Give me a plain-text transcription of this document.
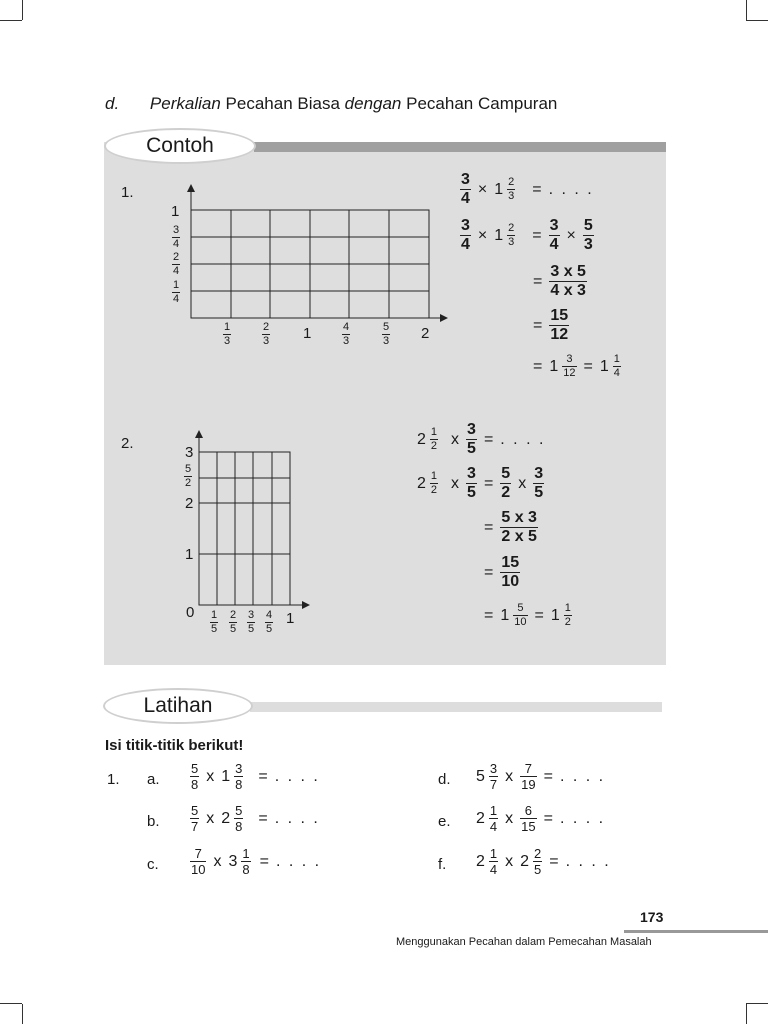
d. Perkalian Pecahan Biasa dengan Pecahan Campuran
Contoh
1.
1
$\frac{3}{4}$
$\frac{2}{4}$
$\frac{1}{4}$
$\frac{1}{3}$	$\frac{2}{3} 1$	$\frac{4}{3}$	$\frac{5}{3} 2$
$\frac{3}{4} \times 1 \frac{2}{3}$ = . . . .
$\frac{3}{4} \times 1 \frac{2}{3} = \frac{3}{4} \times \frac{5}{3}$
= $\frac{3 x 5}{4 x 3}$
= $\frac{15}{12}$
= $1 \frac{3}{12} = 1 \frac{1}{4}$
2.
3
$\frac{5}{2}$
2
1
$0 \frac{1}{5} \frac{2}{5} \frac{3}{5} \frac{4}{5} 1$
$2 \frac{1}{2}$ x $\frac{3}{5}$ = . . . .
$2 \frac{1}{2}$ x $\frac{3}{5} = \frac{5}{2}$ x $\frac{3}{5}$
= $\frac{5 x 3}{2 x 5}$
= $\frac{15}{10}$
= $1 \frac{5}{10} = 1 \frac{1}{2}$
Latihan
Isi titik-titik berikut!
1. a. $\frac{5}{8}$ x $1 \frac{3}{8}$ = . . . .
b. $\frac{5}{7}$ x $2 \frac{5}{8}$ = . . . .
c. $\frac{7}{10}$ x $3 \frac{1}{8}$ = . . . .
d. $5 \frac{3}{7}$ x $\frac{7}{19}$ = . . . .
e. $2 \frac{1}{4}$ x $\frac{6}{15}$ = . . . .
f. $2 \frac{1}{4}$ x $2 \frac{2}{5}$ = . . . .
173
Menggunakan Pecahan dalam Pemecahan Masalah
